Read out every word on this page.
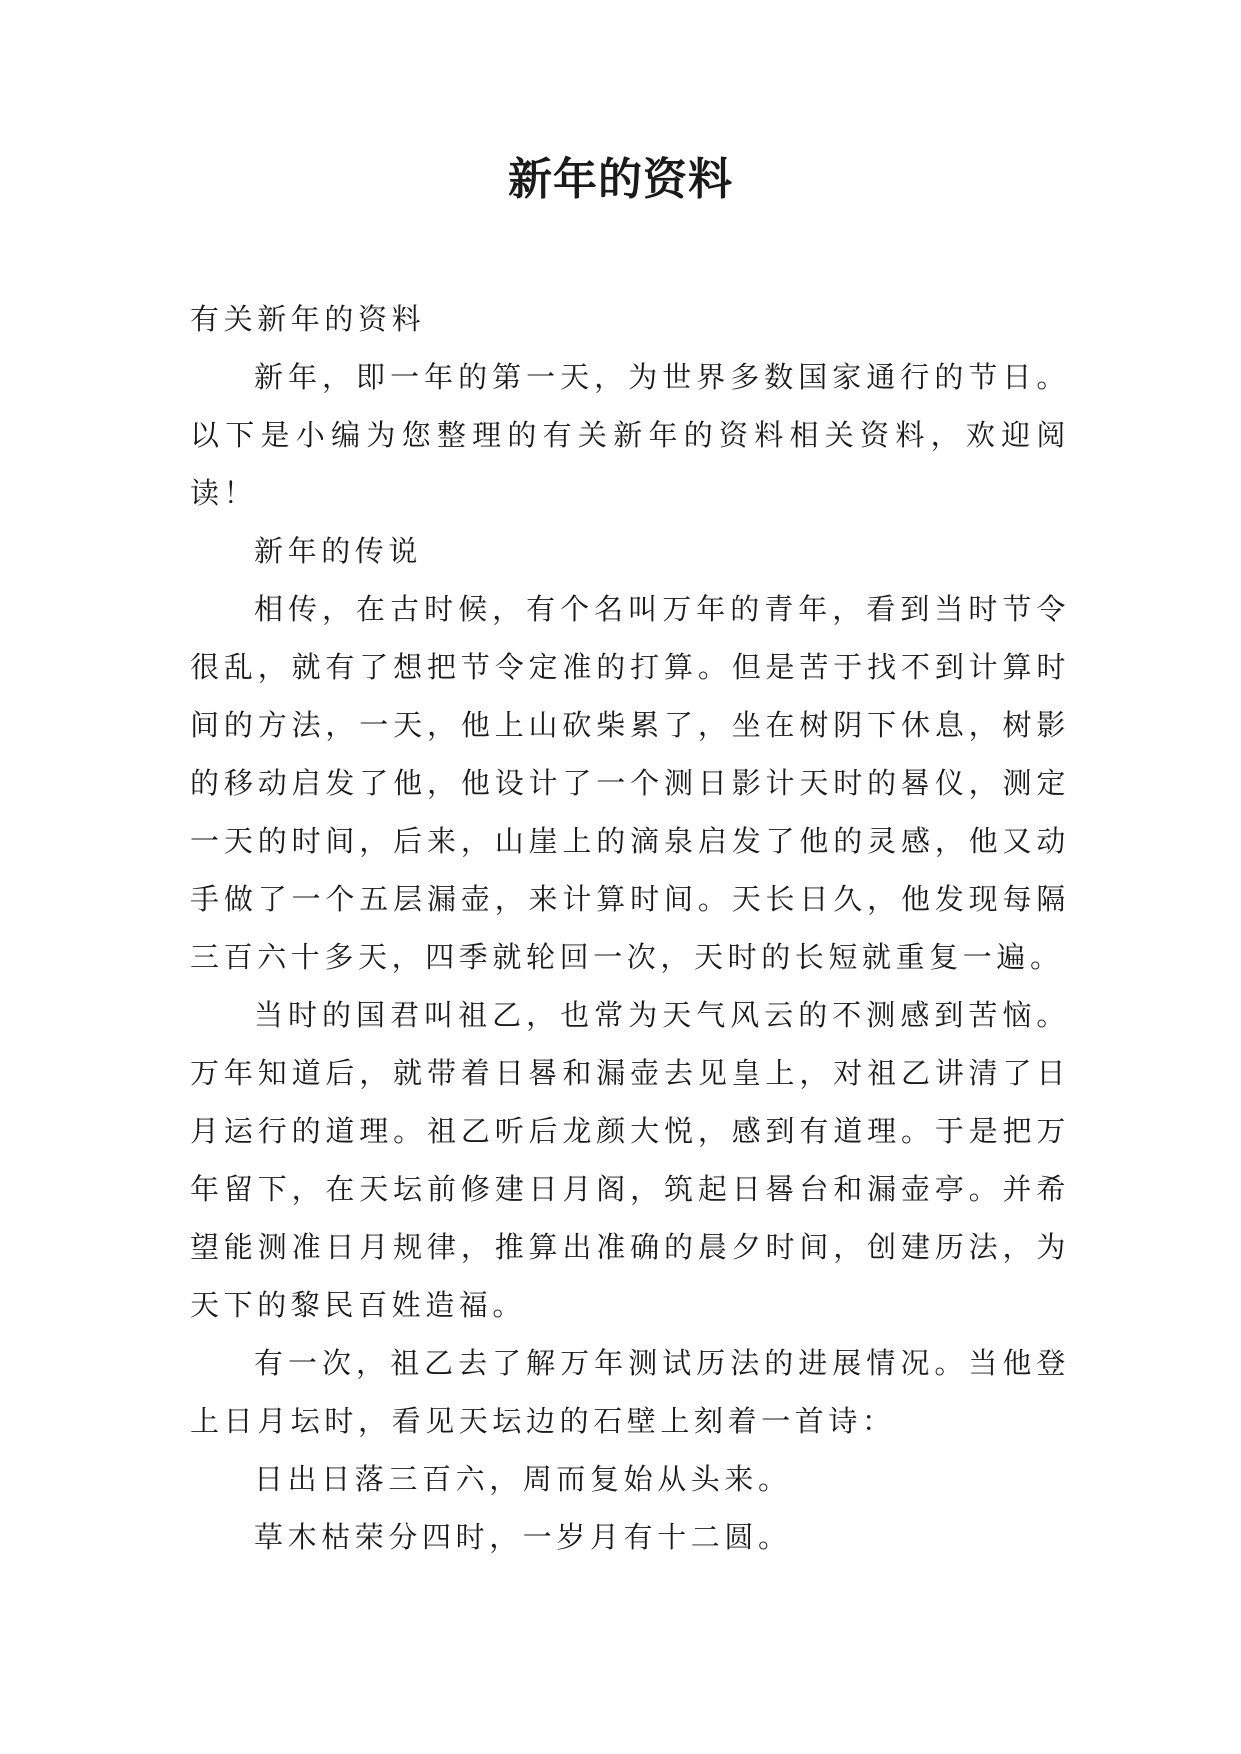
新年的资料

有关新年的资料

新年，即一年的第一天，为世界多数国家通行的节日。以下是小编为您整理的有关新年的资料相关资料，欢迎阅读！

新年的传说

相传，在古时候，有个名叫万年的青年，看到当时节令很乱，就有了想把节令定准的打算。但是苦于找不到计算时间的方法，一天，他上山砍柴累了，坐在树阴下休息，树影的移动启发了他，他设计了一个测日影计天时的晷仪，测定一天的时间，后来，山崖上的滴泉启发了他的灵感，他又动手做了一个五层漏壶，来计算时间。天长日久，他发现每隔三百六十多天，四季就轮回一次，天时的长短就重复一遍。

当时的国君叫祖乙，也常为天气风云的不测感到苦恼。万年知道后，就带着日晷和漏壶去见皇上，对祖乙讲清了日月运行的道理。祖乙听后龙颜大悦，感到有道理。于是把万年留下，在天坛前修建日月阁，筑起日晷台和漏壶亭。并希望能测准日月规律，推算出准确的晨夕时间，创建历法，为天下的黎民百姓造福。

有一次，祖乙去了解万年测试历法的进展情况。当他登上日月坛时，看见天坛边的石壁上刻着一首诗：

日出日落三百六，周而复始从头来。

草木枯荣分四时，一岁月有十二圆。
